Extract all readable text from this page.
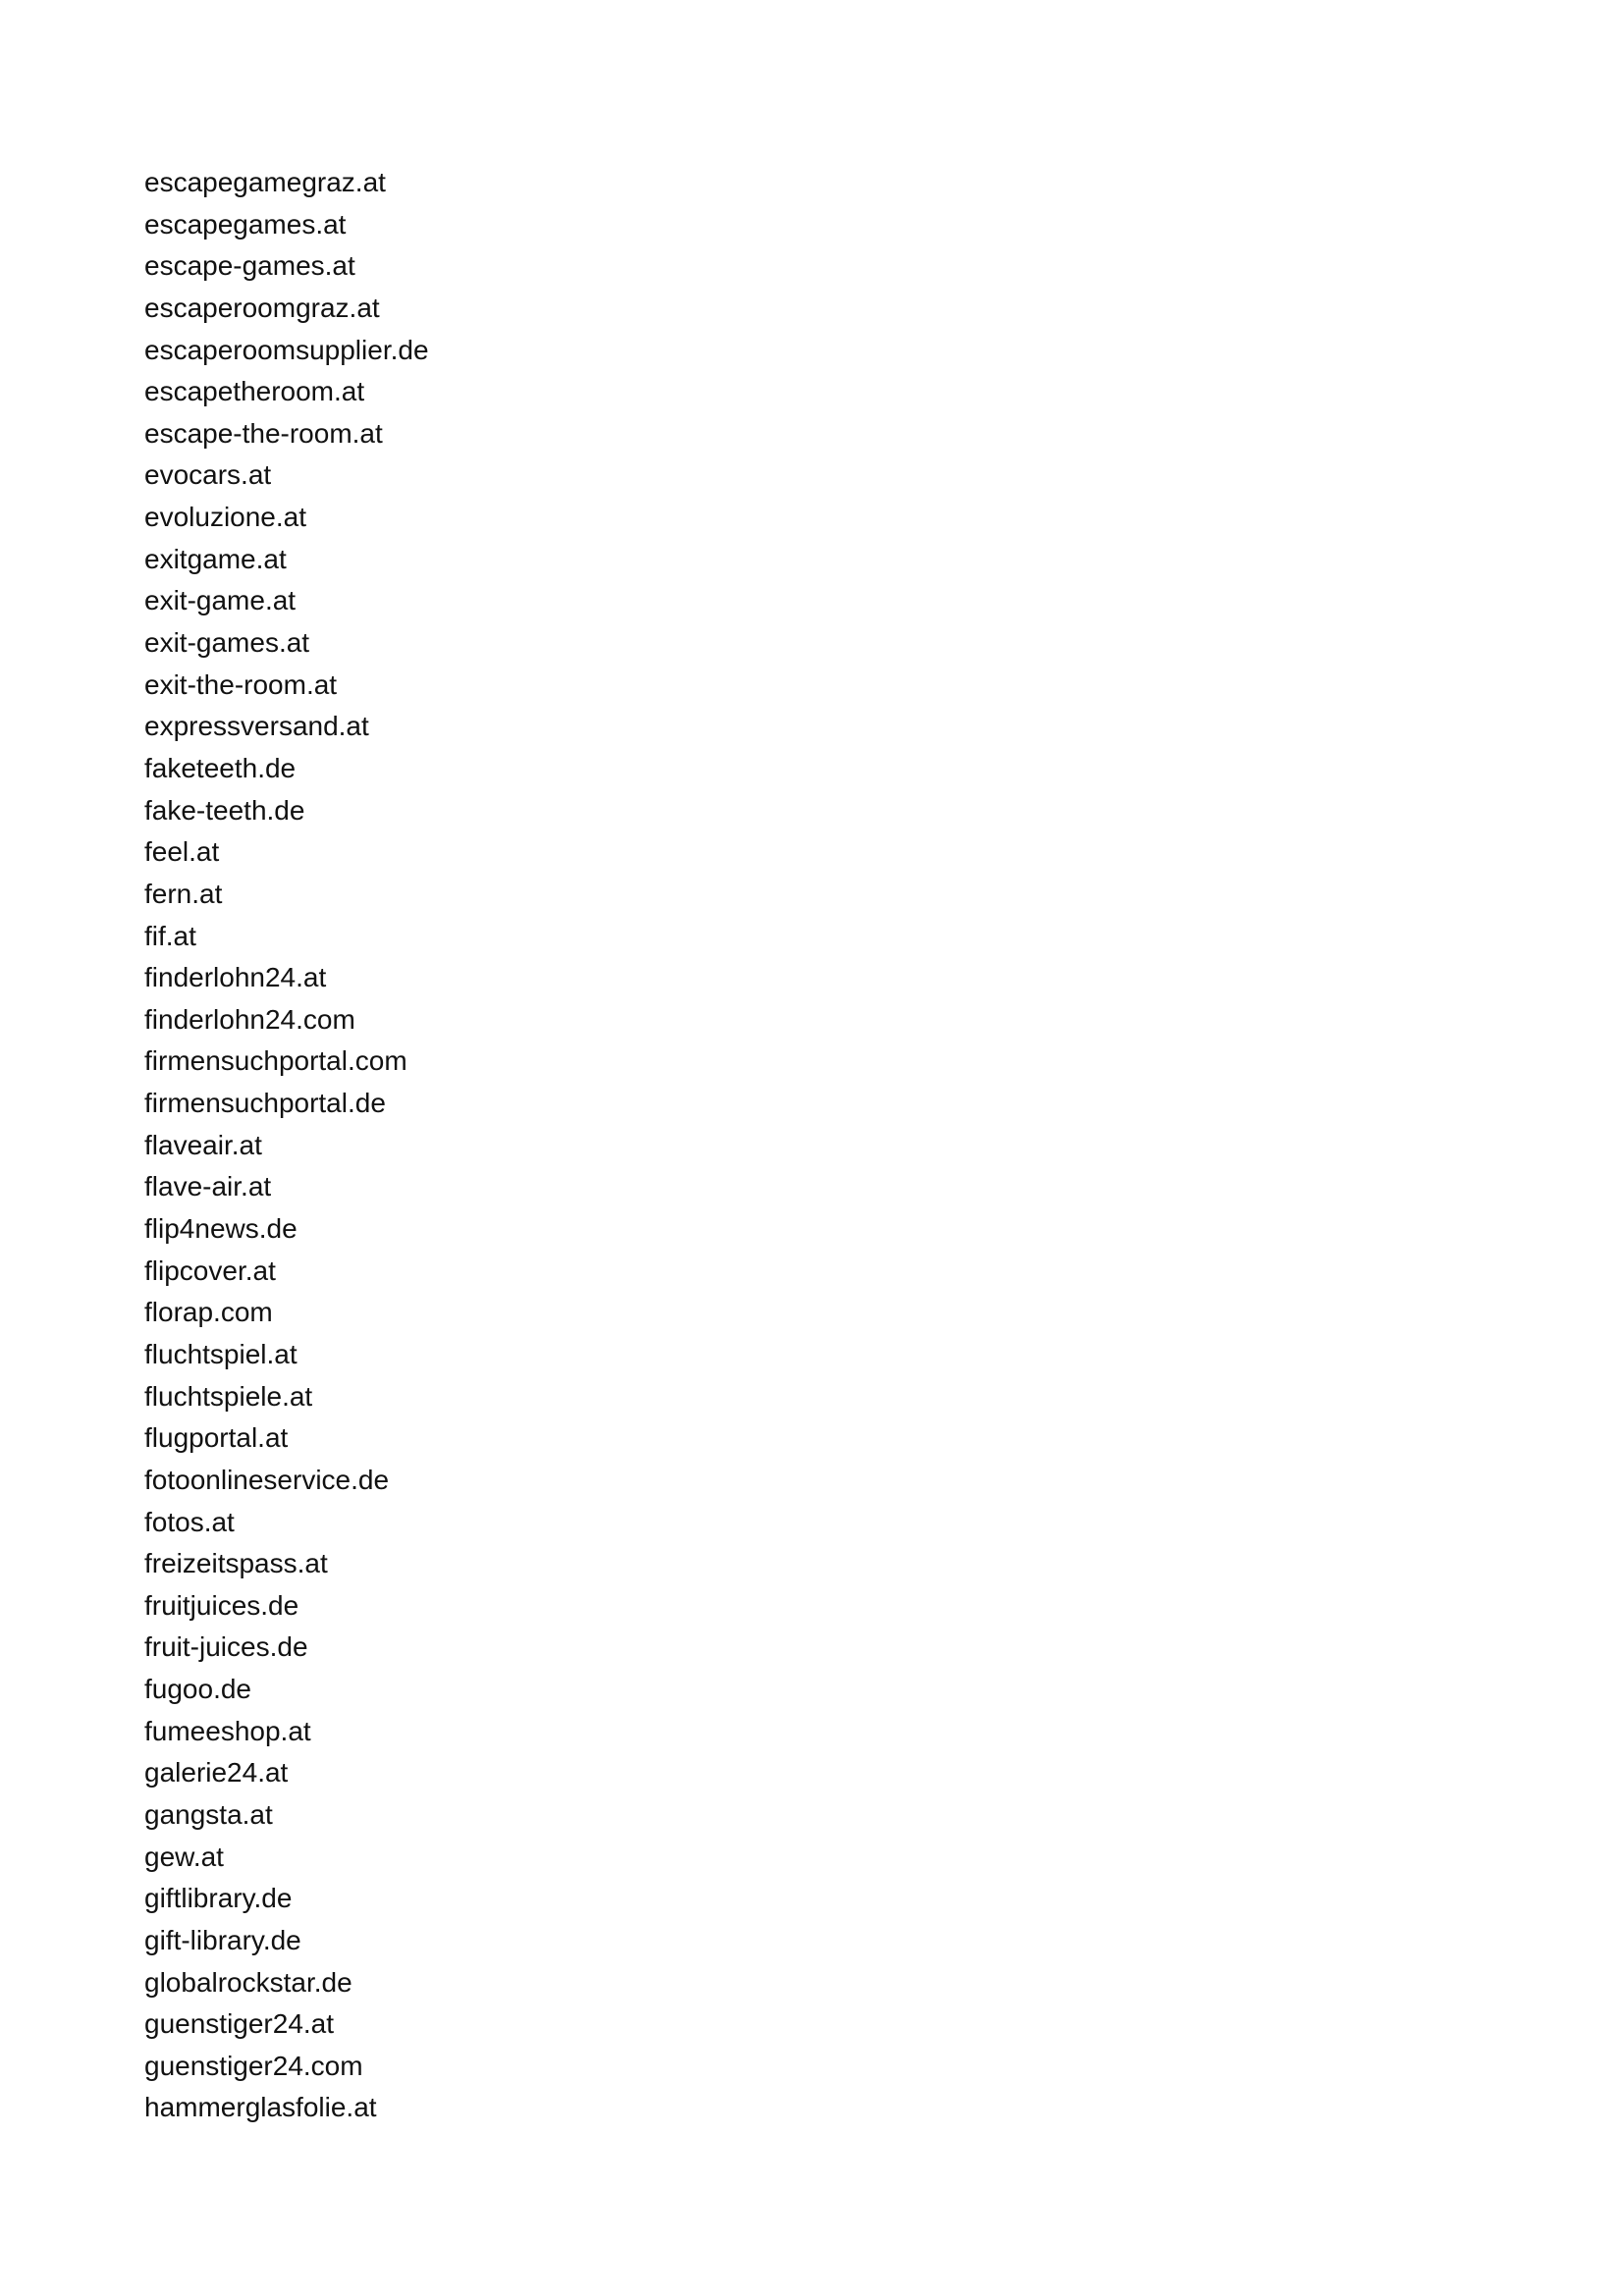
escapegamegraz.at
escapegames.at
escape-games.at
escaperoomgraz.at
escaperoomsupplier.de
escapetheroom.at
escape-the-room.at
evocars.at
evoluzione.at
exitgame.at
exit-game.at
exit-games.at
exit-the-room.at
expressversand.at
faketeeth.de
fake-teeth.de
feel.at
fern.at
fif.at
finderlohn24.at
finderlohn24.com
firmensuchportal.com
firmensuchportal.de
flaveair.at
flave-air.at
flip4news.de
flipcover.at
florap.com
fluchtspiel.at
fluchtspiele.at
flugportal.at
fotoonlineservice.de
fotos.at
freizeitspass.at
fruitjuices.de
fruit-juices.de
fugoo.de
fumeeshop.at
galerie24.at
gangsta.at
gew.at
giftlibrary.de
gift-library.de
globalrockstar.de
guenstiger24.at
guenstiger24.com
hammerglasfolie.at
